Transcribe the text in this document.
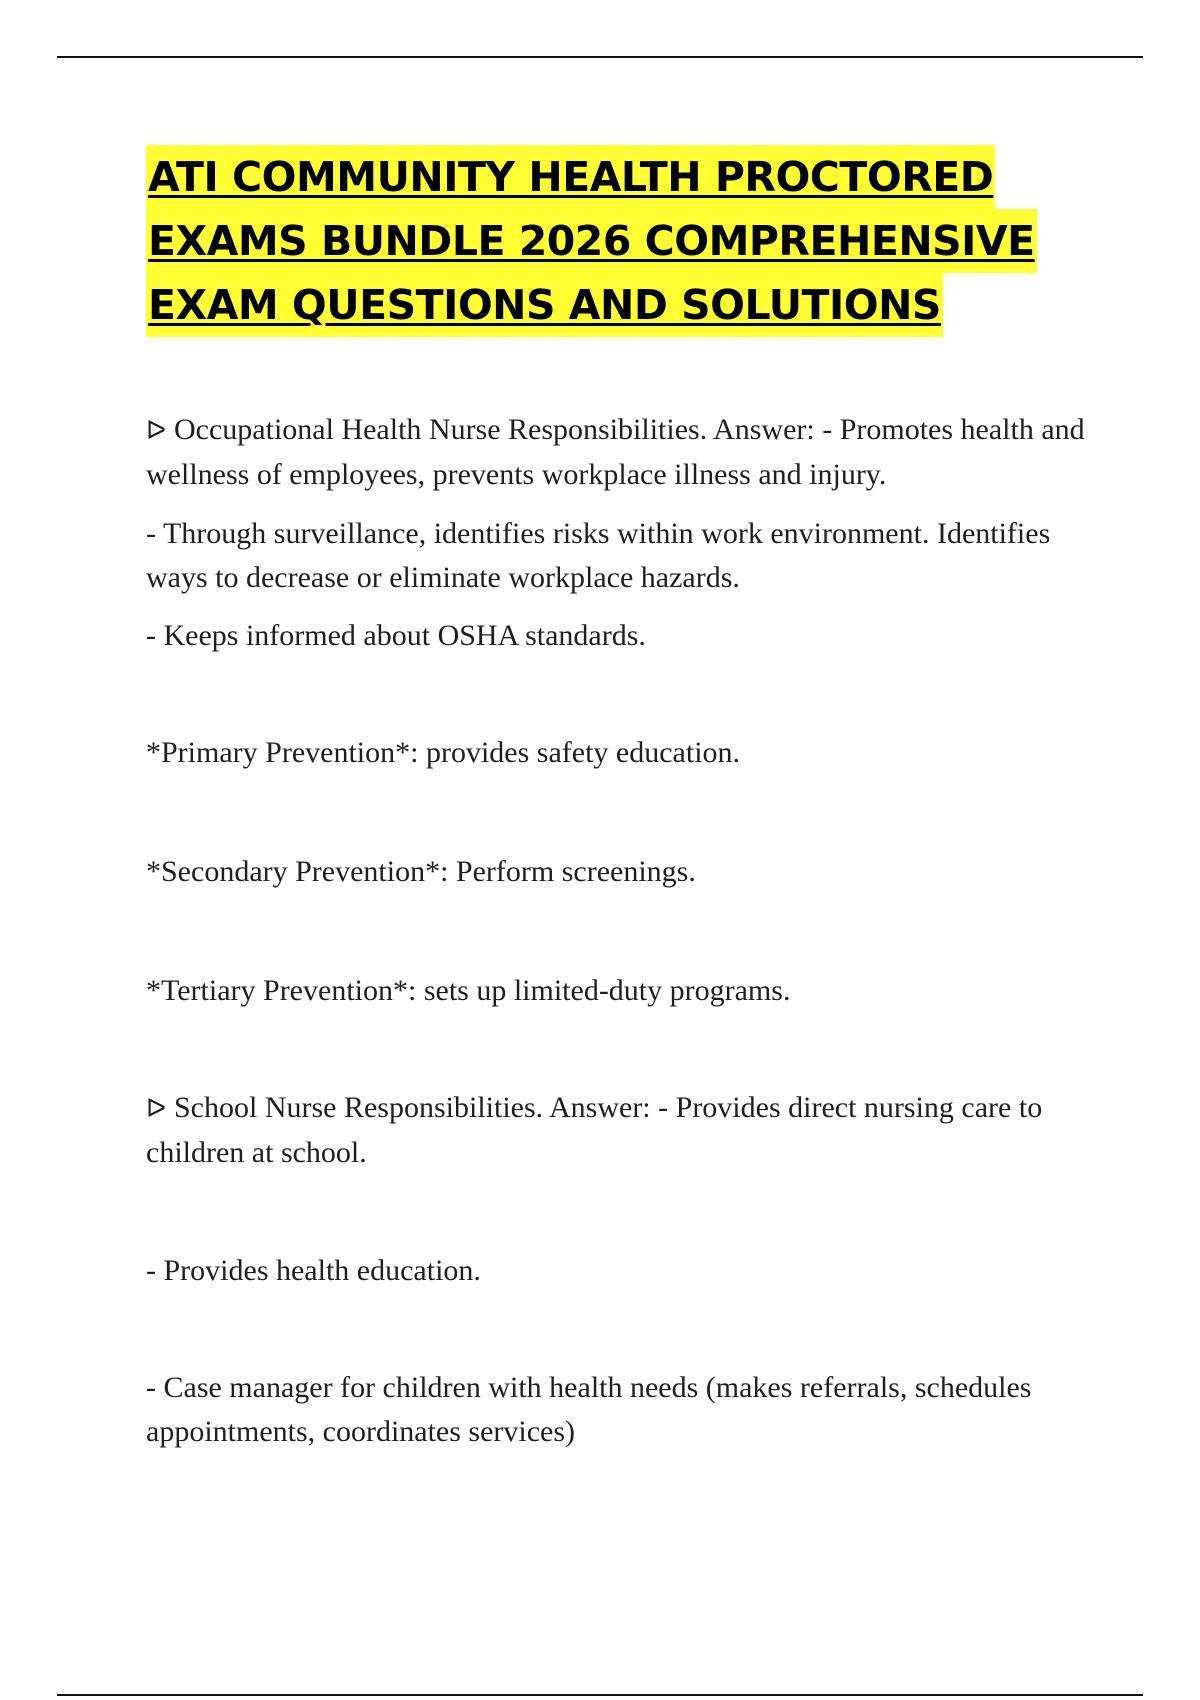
ATI COMMUNITY HEALTH PROCTORED
EXAMS BUNDLE 2026 COMPREHENSIVE
EXAM QUESTIONS AND SOLUTIONS
ᐅ Occupational Health Nurse Responsibilities. Answer: - Promotes health and wellness of employees, prevents workplace illness and injury.
- Through surveillance, identifies risks within work environment. Identifies ways to decrease or eliminate workplace hazards.
- Keeps informed about OSHA standards.
*Primary Prevention*: provides safety education.
*Secondary Prevention*: Perform screenings.
*Tertiary Prevention*: sets up limited-duty programs.
ᐅ School Nurse Responsibilities. Answer: - Provides direct nursing care to children at school.
- Provides health education.
- Case manager for children with health needs (makes referrals, schedules appointments, coordinates services)
